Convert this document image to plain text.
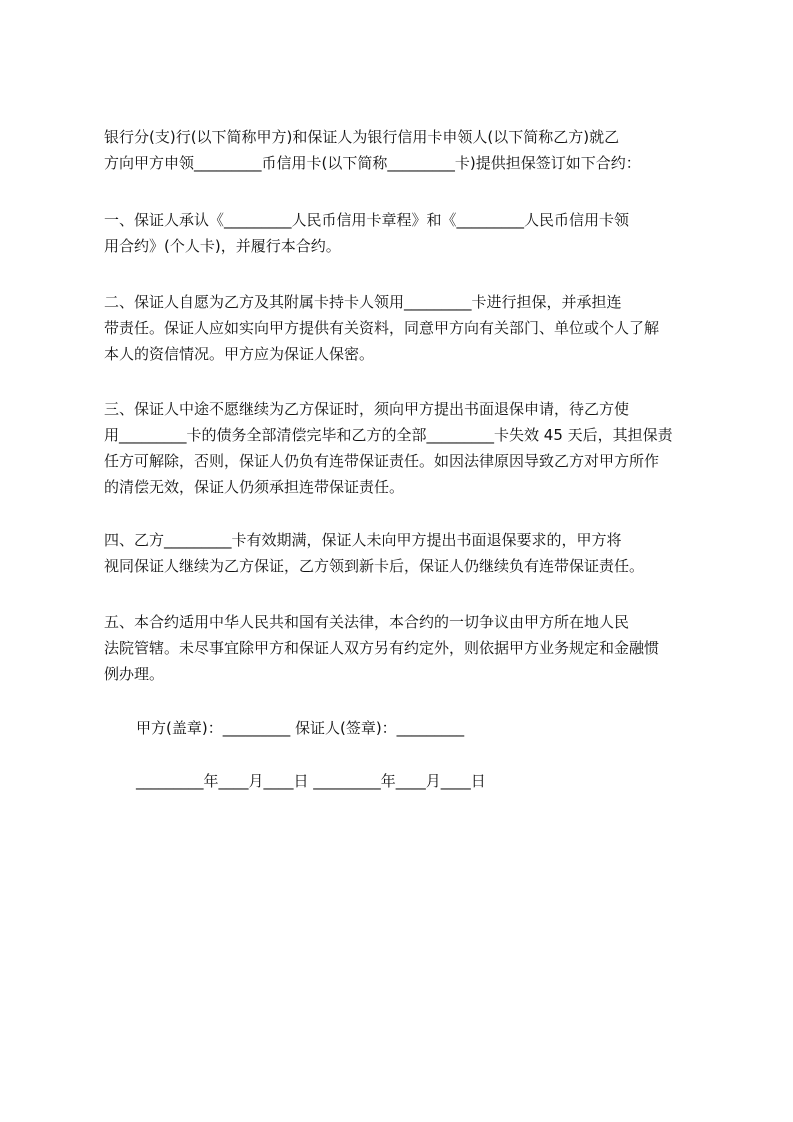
银行分(支)行(以下简称甲方)和保证人为银行信用卡申领人(以下简称乙方)就乙
方向甲方申领_________币信用卡(以下简称_________卡)提供担保签订如下合约：
一、保证人承认《_________人民币信用卡章程》和《_________人民币信用卡领
用合约》(个人卡)，并履行本合约。
二、保证人自愿为乙方及其附属卡持卡人领用_________卡进行担保，并承担连
带责任。保证人应如实向甲方提供有关资料，同意甲方向有关部门、单位或个人了解
本人的资信情况。甲方应为保证人保密。
三、保证人中途不愿继续为乙方保证时，须向甲方提出书面退保申请，待乙方使
用_________卡的债务全部清偿完毕和乙方的全部_________卡失效 45 天后，其担保责
任方可解除，否则，保证人仍负有连带保证责任。如因法律原因导致乙方对甲方所作
的清偿无效，保证人仍须承担连带保证责任。
四、乙方_________卡有效期满，保证人未向甲方提出书面退保要求的，甲方将
视同保证人继续为乙方保证，乙方领到新卡后，保证人仍继续负有连带保证责任。
五、本合约适用中华人民共和国有关法律，本合约的一切争议由甲方所在地人民
法院管辖。未尽事宜除甲方和保证人双方另有约定外，则依据甲方业务规定和金融惯
例办理。
甲方(盖章)：_________ 保证人(签章)：_________
_________年____月____日 _________年____月____日
